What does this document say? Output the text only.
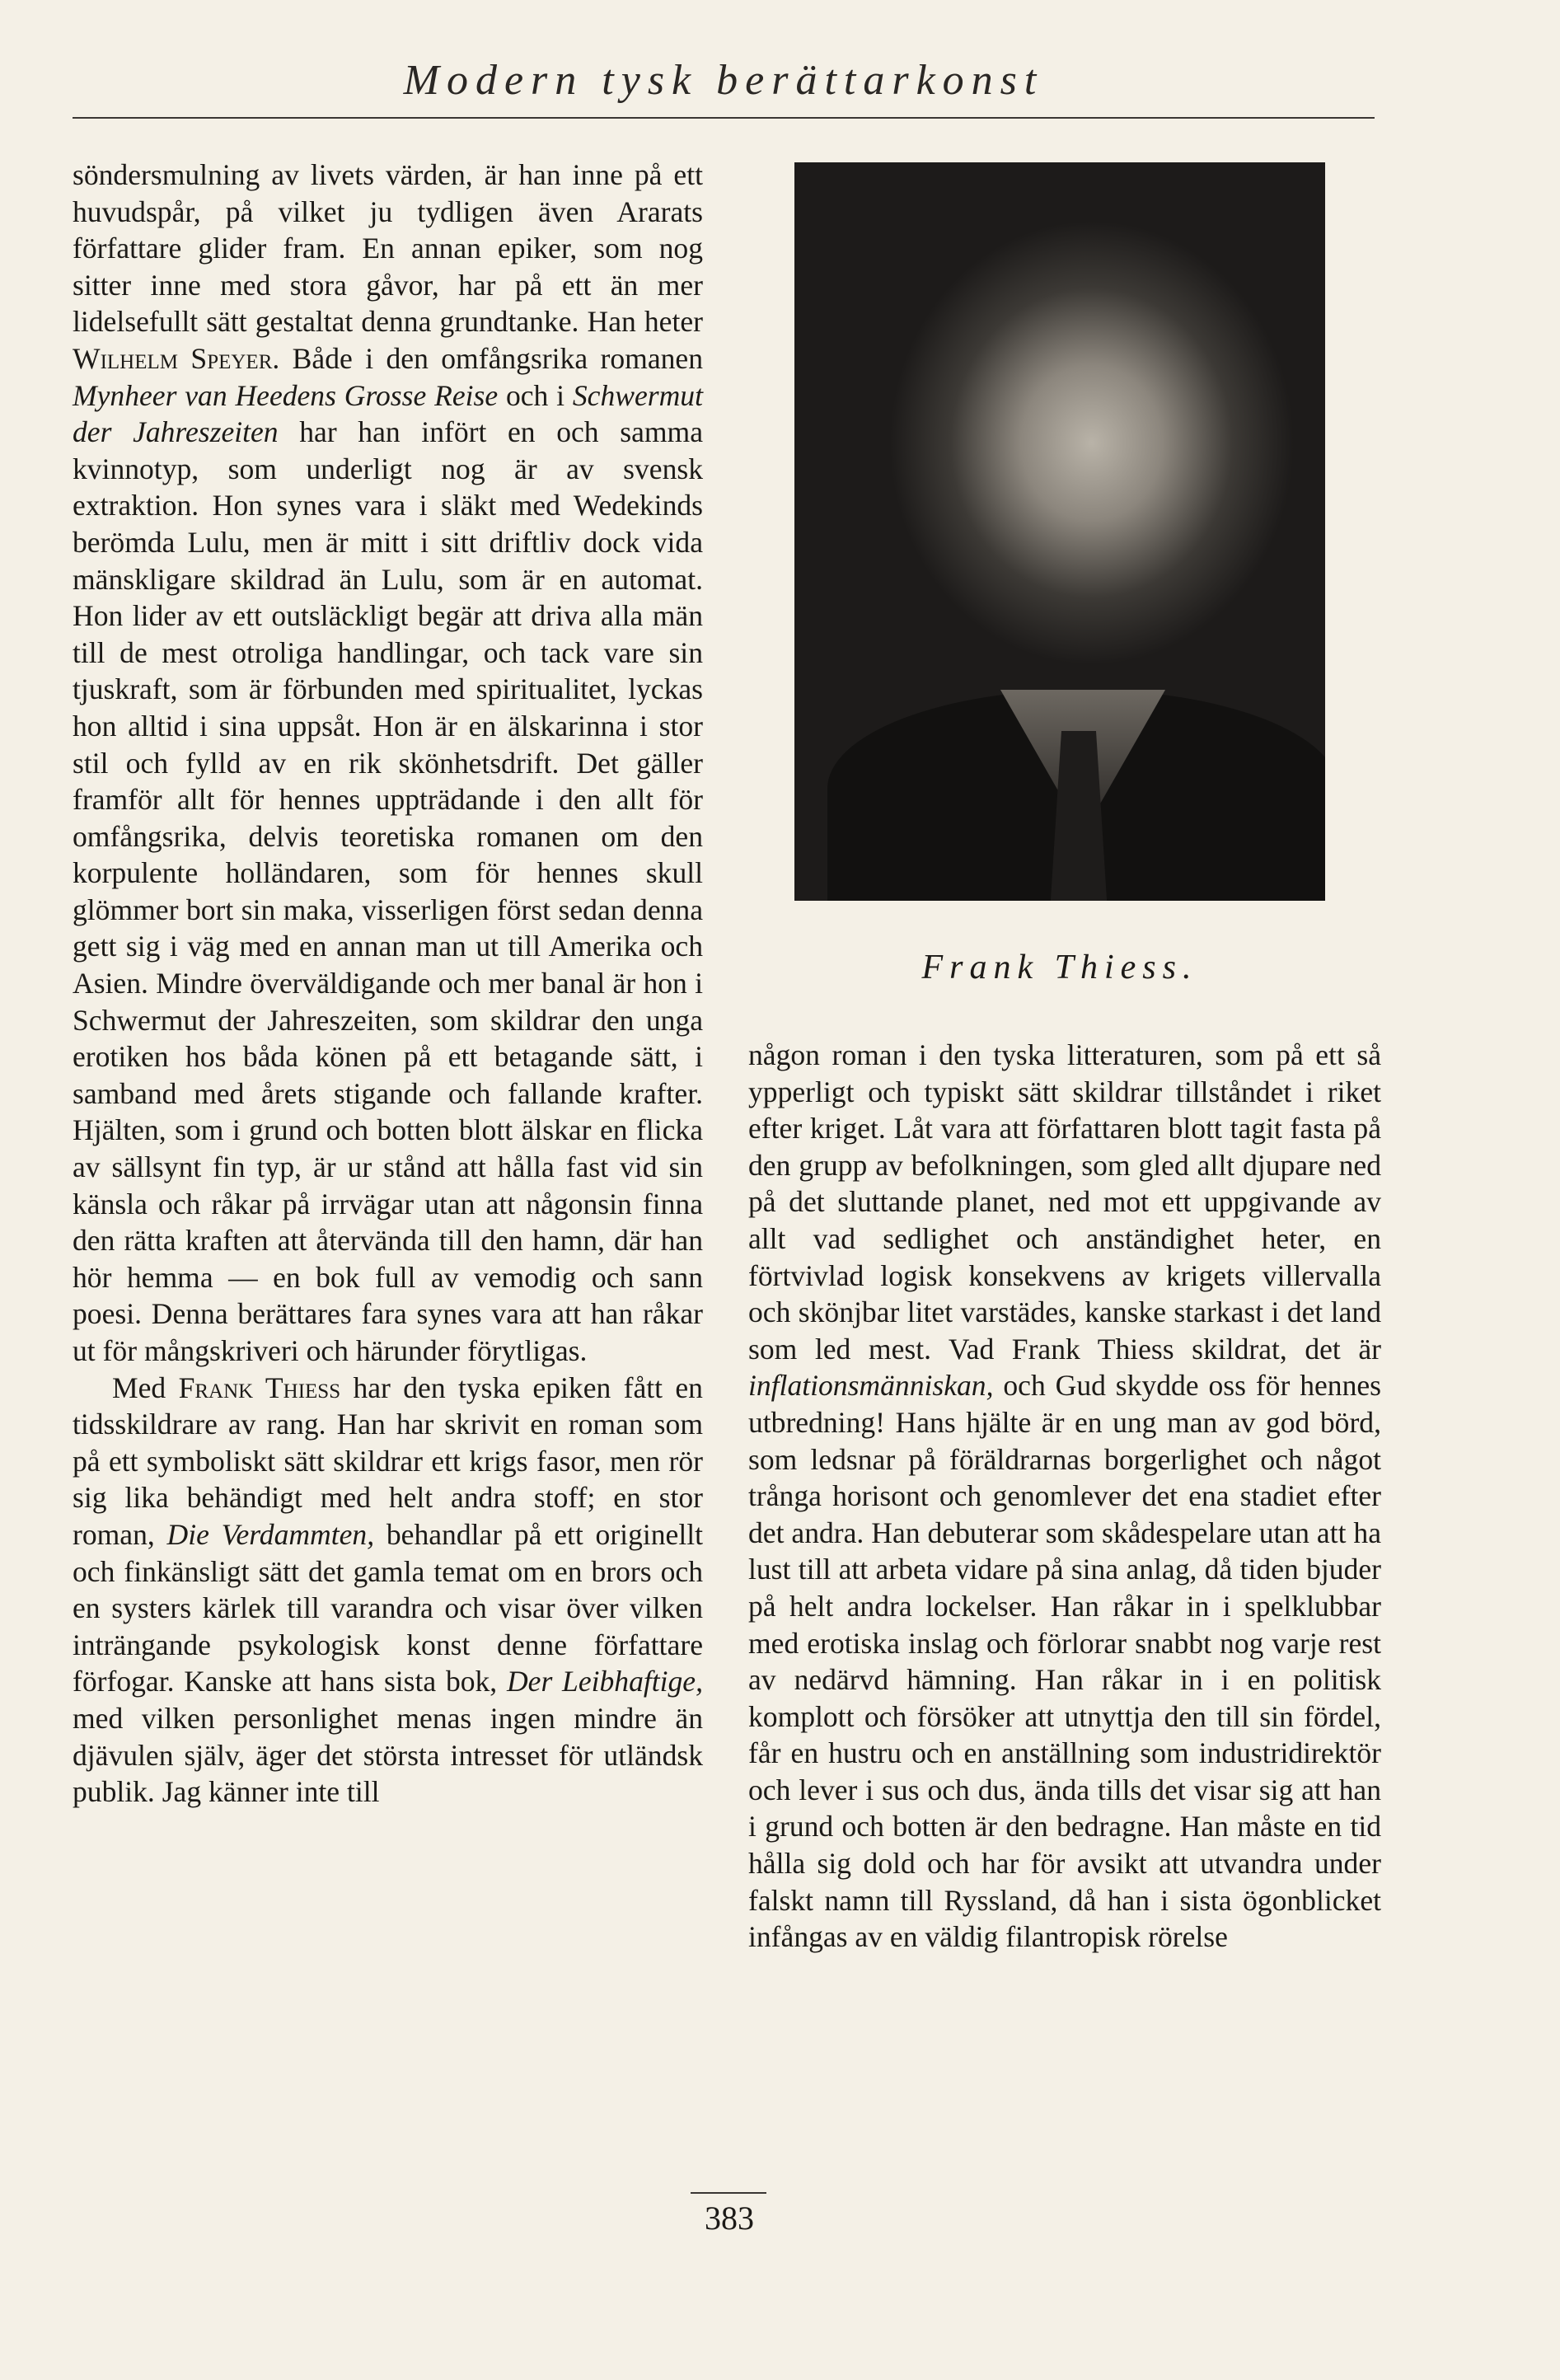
Modern tysk berättarkonst

söndersmulning av livets värden, är han inne på ett huvudspår, på vilket ju tydligen även Ararats författare glider fram. En annan epiker, som nog sitter inne med stora gåvor, har på ett än mer lidelsefullt sätt gestaltat denna grundtanke. Han heter Wilhelm Speyer. Både i den omfångsrika romanen Mynheer van Heedens Grosse Reise och i Schwermut der Jahreszeiten har han infört en och samma kvinnotyp, som underligt nog är av svensk extraktion. Hon synes vara i släkt med Wedekinds berömda Lulu, men är mitt i sitt driftliv dock vida mänskligare skildrad än Lulu, som är en automat. Hon lider av ett outsläckligt begär att driva alla män till de mest otroliga handlingar, och tack vare sin tjuskraft, som är förbunden med spiritualitet, lyckas hon alltid i sina uppsåt. Hon är en älskarinna i stor stil och fylld av en rik skönhetsdrift. Det gäller framför allt för hennes uppträdande i den allt för omfångsrika, delvis teoretiska romanen om den korpulente holländaren, som för hennes skull glömmer bort sin maka, visserligen först sedan denna gett sig i väg med en annan man ut till Amerika och Asien. Mindre överväldigande och mer banal är hon i Schwermut der Jahreszeiten, som skildrar den unga erotiken hos båda könen på ett betagande sätt, i samband med årets stigande och fallande krafter. Hjälten, som i grund och botten blott älskar en flicka av sällsynt fin typ, är ur stånd att hålla fast vid sin känsla och råkar på irrvägar utan att någonsin finna den rätta kraften att återvända till den hamn, där han hör hemma — en bok full av vemodig och sann poesi. Denna berättares fara synes vara att han råkar ut för mångskriveri och härunder förytligas.

Med Frank Thiess har den tyska epiken fått en tidsskildrare av rang. Han har skrivit en roman som på ett symboliskt sätt skildrar ett krigs fasor, men rör sig lika behändigt med helt andra stoff; en stor roman, Die Verdammten, behandlar på ett originellt och finkänsligt sätt det gamla temat om en brors och en systers kärlek till varandra och visar över vilken inträngande psykologisk konst denne författare förfogar. Kanske att hans sista bok, Der Leibhaftige, med vilken personlighet menas ingen mindre än djävulen själv, äger det största intresset för utländsk publik. Jag känner inte till

Frank Thiess.

någon roman i den tyska litteraturen, som på ett så ypperligt och typiskt sätt skildrar tillståndet i riket efter kriget. Låt vara att författaren blott tagit fasta på den grupp av befolkningen, som gled allt djupare ned på det sluttande planet, ned mot ett uppgivande av allt vad sedlighet och anständighet heter, en förtvivlad logisk konsekvens av krigets villervalla och skönjbar litet varstädes, kanske starkast i det land som led mest. Vad Frank Thiess skildrat, det är inflationsmänniskan, och Gud skydde oss för hennes utbredning! Hans hjälte är en ung man av god börd, som ledsnar på föräldrarnas borgerlighet och något trånga horisont och genomlever det ena stadiet efter det andra. Han debuterar som skådespelare utan att ha lust till att arbeta vidare på sina anlag, då tiden bjuder på helt andra lockelser. Han råkar in i spelklubbar med erotiska inslag och förlorar snabbt nog varje rest av nedärvd hämning. Han råkar in i en politisk komplott och försöker att utnyttja den till sin fördel, får en hustru och en anställning som industridirektör och lever i sus och dus, ända tills det visar sig att han i grund och botten är den bedragne. Han måste en tid hålla sig dold och har för avsikt att utvandra under falskt namn till Ryssland, då han i sista ögonblicket infångas av en väldig filantropisk rörelse

383
